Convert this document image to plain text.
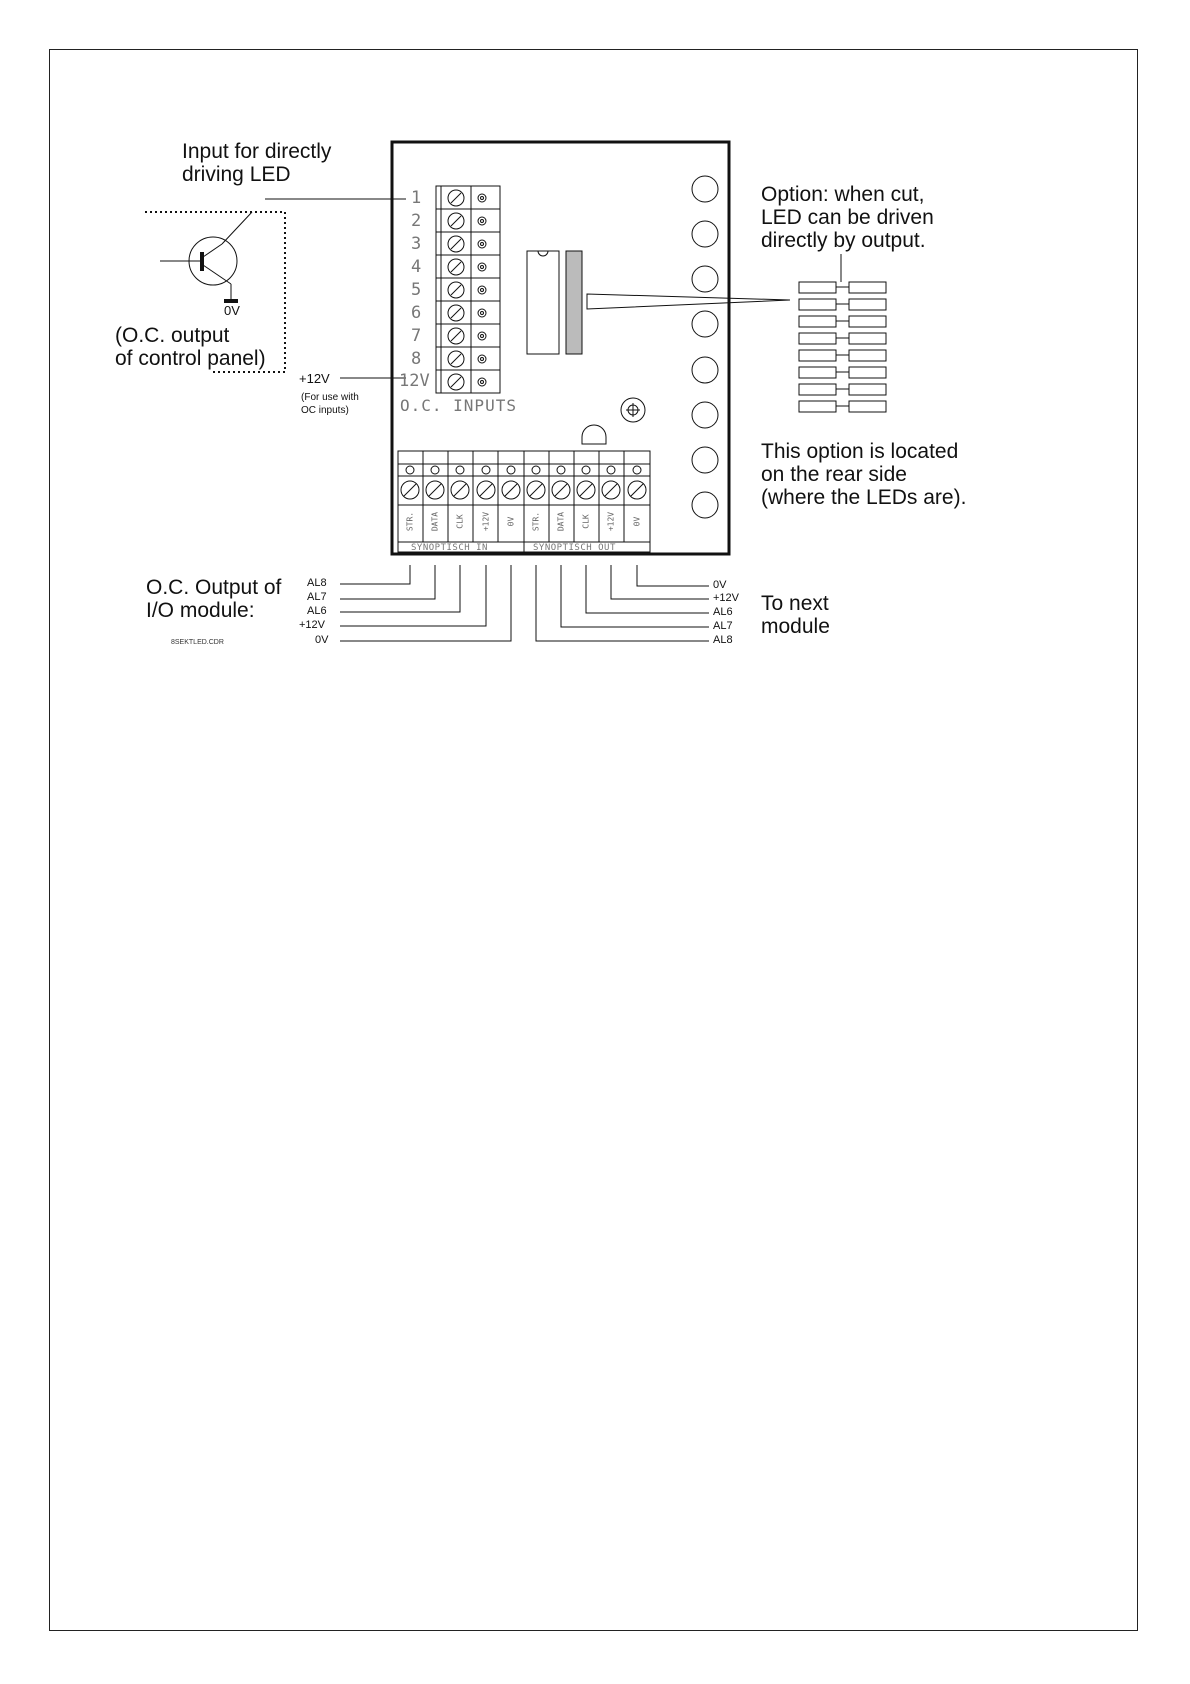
Input for directly
driving LED
0V
(O.C. output
of control panel)
+12V
(For use with
OC inputs)
1
2
3
4
5
6
7
8
12V
O.C. INPUTS
Option: when cut,
LED can be driven
directly by output.
This option is located
on the rear side
(where the LEDs are).
STR. DATA CLK +12V 0V STR. DATA CLK +12V 0V
SYNOPTISCH IN	SYNOPTISCH OUT
O.C. Output of
I/O module:
AL8
AL7
AL6
+12V
0V
0V
+12V
AL6
AL7
AL8
To next
module
8SEKTLED.CDR
